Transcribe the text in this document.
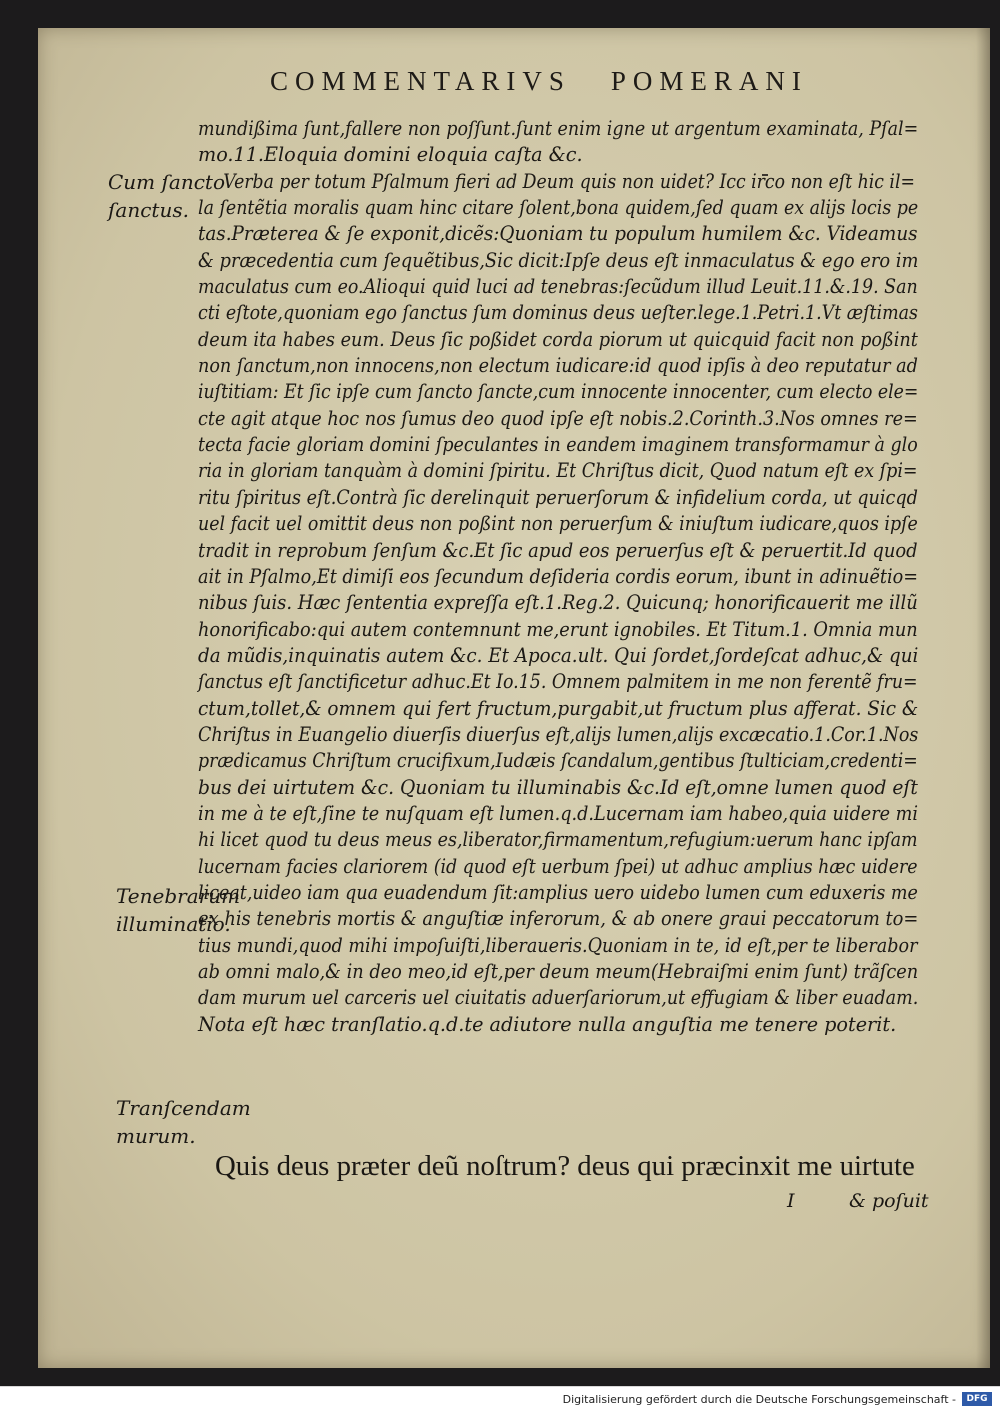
COMMENTARIVS POMERANI
mundißima ſunt,fallere non poſſunt.ſunt enim igne ut argentum examinata, Pſal=
mo.11.Eloquia domini eloquia caſta &c.
Verba per totum Pſalmum fieri ad Deum quis non uidet? Icc irco non eſt hic il=
la ſentẽtia moralis quam hinc citare ſolent,bona quidem,ſed quam ex alijs locis pe
tas.Præterea & ſe exponit,dicẽs:Quoniam tu populum humilem &c. Videamus
& præcedentia cum ſequẽtibus,Sic dicit:Ipſe deus eſt inmaculatus & ego ero im
maculatus cum eo.Alioqui quid luci ad tenebras:ſecũdum illud Leuit.11.&.19. San
cti eſtote,quoniam ego ſanctus ſum dominus deus ueſter.lege.1.Petri.1.Vt æſtimas
deum ita habes eum. Deus ſic poßidet corda piorum ut quicquid facit non poßint
non ſanctum,non innocens,non electum iudicare:id quod ipſis à deo reputatur ad
iuſtitiam: Et ſic ipſe cum ſancto ſancte,cum innocente innocenter, cum electo ele=
cte agit atque hoc nos ſumus deo quod ipſe eſt nobis.2.Corinth.3.Nos omnes re=
tecta facie gloriam domini ſpeculantes in eandem imaginem transformamur à glo
ria in gloriam tanquàm à domini ſpiritu. Et Chriſtus dicit, Quod natum eſt ex ſpi=
ritu ſpiritus eſt.Contrà ſic derelinquit peruerſorum & infidelium corda, ut quicqd
uel facit uel omittit deus non poßint non peruerſum & iniuſtum iudicare,quos ipſe
tradit in reprobum ſenſum &c.Et ſic apud eos peruerſus eſt & peruertit.Id quod
ait in Pſalmo,Et dimiſi eos ſecundum deſideria cordis eorum, ibunt in adinuẽtio=
nibus ſuis. Hæc ſententia expreſſa eſt.1.Reg.2. Quicunq; honorificauerit me illũ
honorificabo:qui autem contemnunt me,erunt ignobiles. Et Titum.1. Omnia mun
da mũdis,inquinatis autem &c. Et Apoca.ult. Qui ſordet,ſordeſcat adhuc,& qui
ſanctus eſt ſanctificetur adhuc.Et Io.15. Omnem palmitem in me non ferentẽ fru=
ctum,tollet,& omnem qui fert fructum,purgabit,ut fructum plus afferat. Sic &
Chriſtus in Euangelio diuerſis diuerſus eſt,alijs lumen,alijs excæcatio.1.Cor.1.Nos
prædicamus Chriſtum crucifixum,Iudæis ſcandalum,gentibus ſtulticiam,credenti=
bus dei uirtutem &c. Quoniam tu illuminabis &c.Id eſt,omne lumen quod eſt
in me à te eſt,ſine te nuſquam eſt lumen.q.d.Lucernam iam habeo,quia uidere mi
hi licet quod tu deus meus es,liberator,firmamentum,refugium:uerum hanc ipſam
lucernam facies clariorem (id quod eſt uerbum ſpei) ut adhuc amplius hæc uidere
liceat,uideo iam qua euadendum ſit:amplius uero uidebo lumen cum eduxeris me
ex his tenebris mortis & anguſtiæ inferorum, & ab onere graui peccatorum to=
tius mundi,quod mihi impoſuiſti,liberaueris.Quoniam in te, id eſt,per te liberabor
ab omni malo,& in deo meo,id eſt,per deum meum(Hebraiſmi enim ſunt) trãſcen
dam murum uel carceris uel ciuitatis aduerſariorum,ut effugiam & liber euadam.
Nota eſt hæc tranſlatio.q.d.te adiutore nulla anguſtia me tenere poterit.
Cum ſancto
ſanctus.
Tenebrarum
illuminatio.
Tranſcendam
murum.
Quis deus præter deũ noſtrum? deus qui præcinxit me uirtute
I	& poſuit
Digitalisierung gefördert durch die Deutsche Forschungsgemeinschaft -	DFG
